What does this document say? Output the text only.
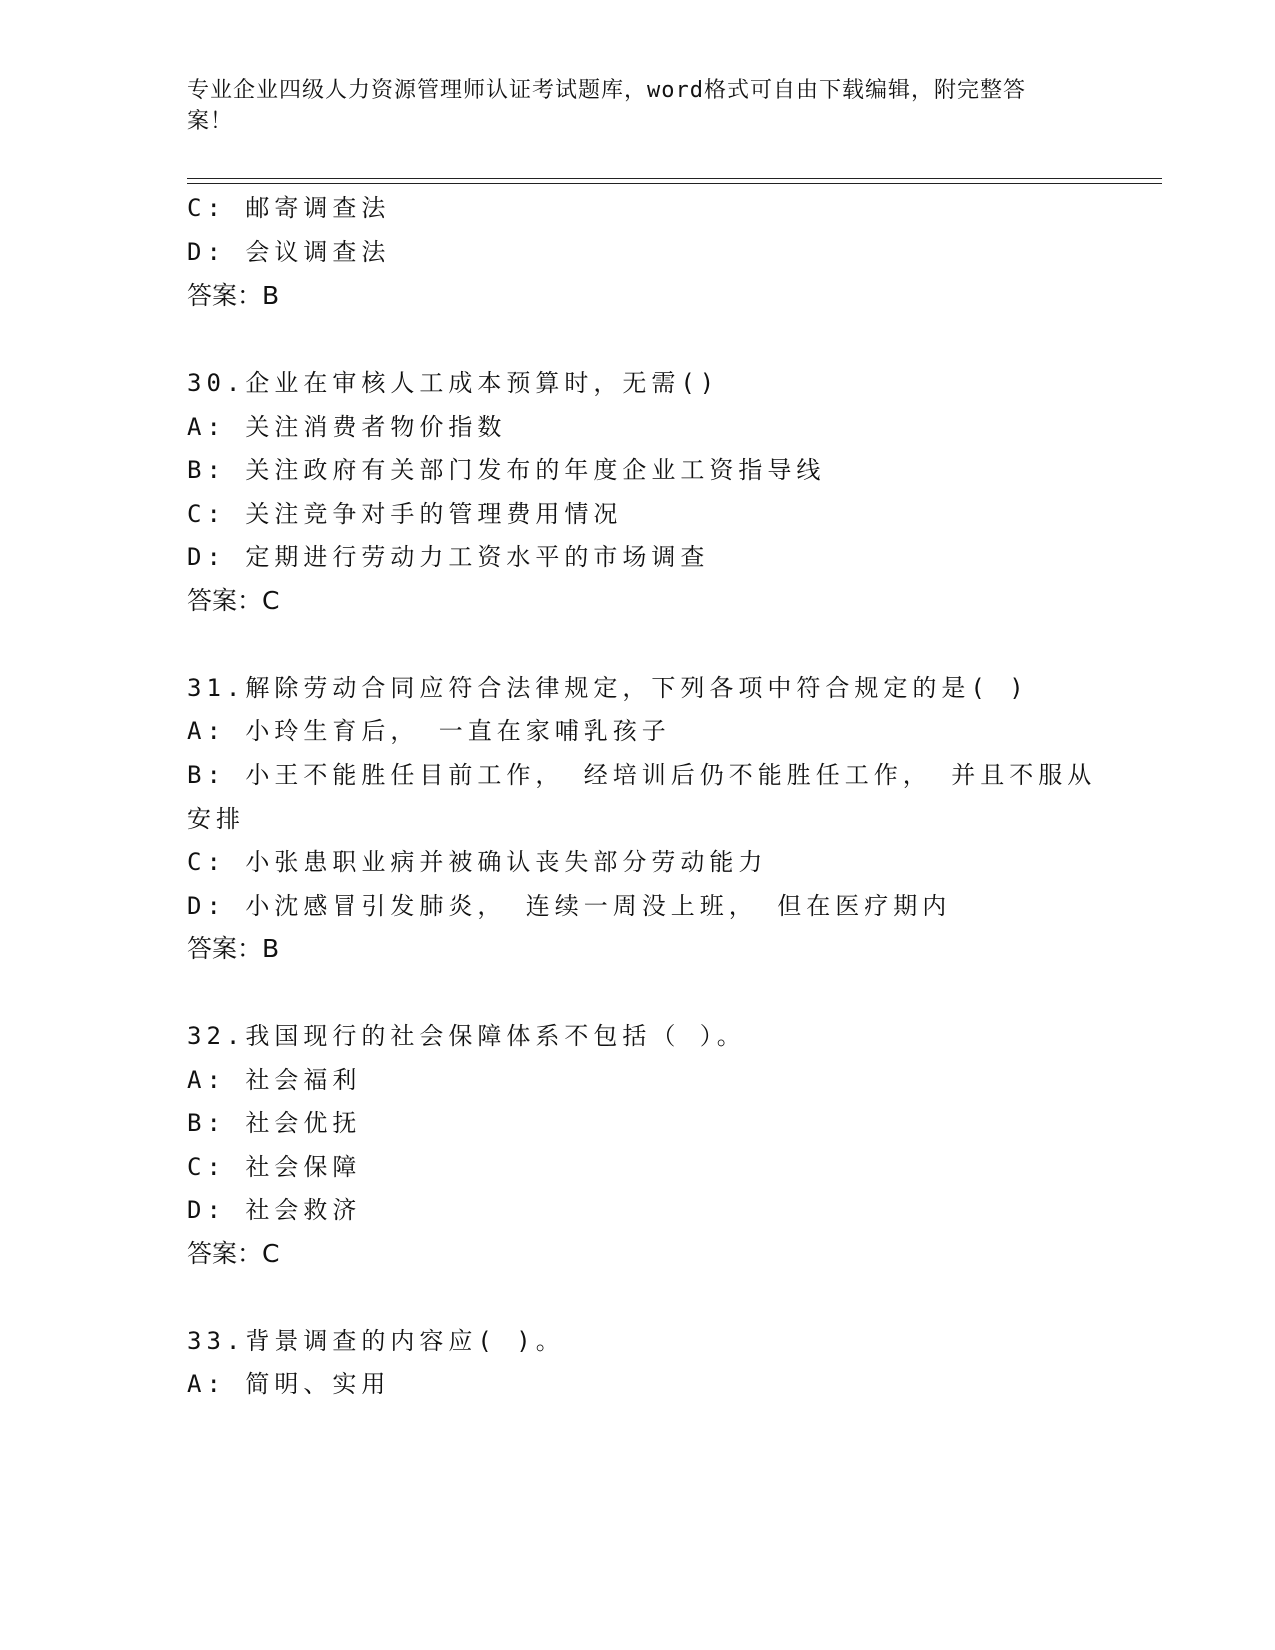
专业企业四级人力资源管理师认证考试题库，word格式可自由下载编辑，附完整答案！
C: 邮寄调查法
D: 会议调查法
答案：B
30.企业在审核人工成本预算时，无需()
A: 关注消费者物价指数
B: 关注政府有关部门发布的年度企业工资指导线
C: 关注竞争对手的管理费用情况
D: 定期进行劳动力工资水平的市场调查
答案：C
31.解除劳动合同应符合法律规定，下列各项中符合规定的是( )
A: 小玲生育后， 一直在家哺乳孩子
B: 小王不能胜任目前工作， 经培训后仍不能胜任工作， 并且不服从
安排
C: 小张患职业病并被确认丧失部分劳动能力
D: 小沈感冒引发肺炎， 连续一周没上班， 但在医疗期内
答案：B
32.我国现行的社会保障体系不包括（ ）。
A: 社会福利
B: 社会优抚
C: 社会保障
D: 社会救济
答案：C
33.背景调查的内容应( )。
A: 简明、实用
